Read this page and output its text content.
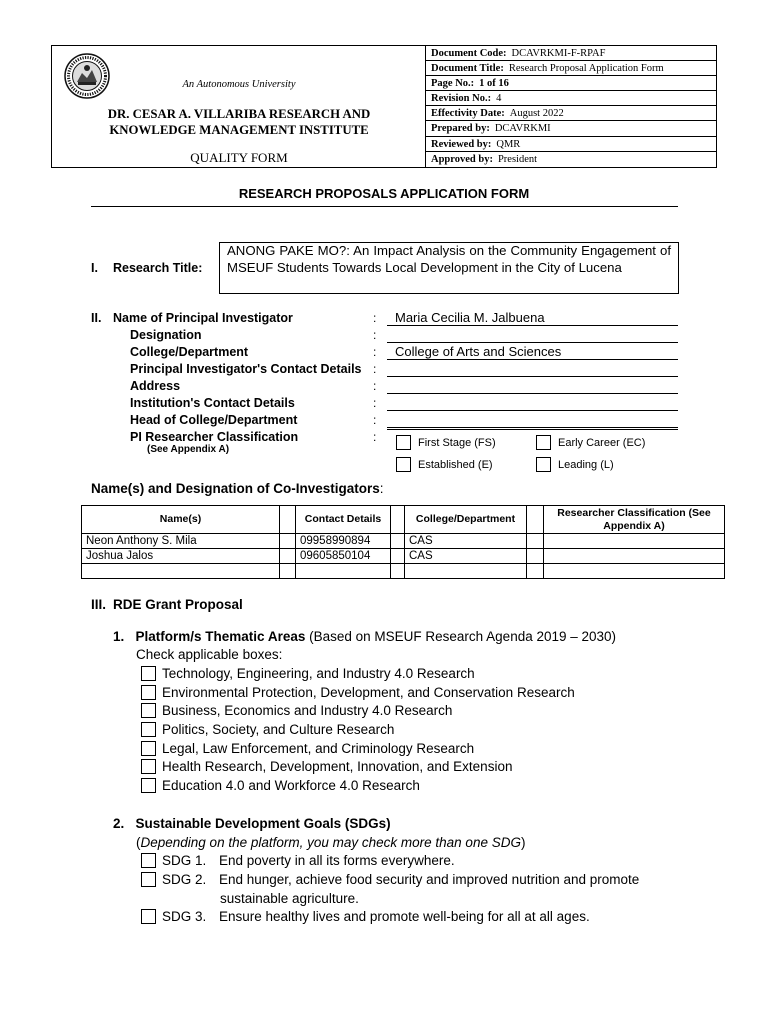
An Autonomous University
DR. CESAR A. VILLARIBA RESEARCH AND
KNOWLEDGE MANAGEMENT INSTITUTE
QUALITY FORM
Document Code: DCAVRKMI-F-RPAF
Document Title: Research Proposal Application Form
Page No.: 1 of 16
Revision No.: 4
Effectivity Date: August 2022
Prepared by: DCAVRKMI
Reviewed by: QMR
Approved by: President
RESEARCH PROPOSALS APPLICATION FORM
I. Research Title:
ANONG PAKE MO?: An Impact Analysis on the Community Engagement of MSEUF Students Towards Local Development in the City of Lucena
II. Name of Principal Investigator	:	Maria Cecilia M. Jalbuena
Designation	:
College/Department	:	College of Arts and Sciences
Principal Investigator's Contact Details :
Address	:
Institution's Contact Details	:
Head of College/Department	:
PI Researcher Classification	:
(See Appendix A)
First Stage (FS)	Early Career (EC)
Established (E)	Leading (L)
Name(s) and Designation of Co-Investigators:
Name(s)		Contact Details		College/Department		Researcher Classification (See Appendix A)
Neon Anthony S. Mila		09958990894		CAS		
Joshua Jalos		09605850104		CAS		

III. RDE Grant Proposal
1. Platform/s Thematic Areas (Based on MSEUF Research Agenda 2019 – 2030)
Check applicable boxes:
Technology, Engineering, and Industry 4.0 Research
Environmental Protection, Development, and Conservation Research
Business, Economics and Industry 4.0 Research
Politics, Society, and Culture Research
Legal, Law Enforcement, and Criminology Research
Health Research, Development, Innovation, and Extension
Education 4.0 and Workforce 4.0 Research
2. Sustainable Development Goals (SDGs)
(Depending on the platform, you may check more than one SDG)
SDG 1. End poverty in all its forms everywhere.
SDG 2. End hunger, achieve food security and improved nutrition and promote
sustainable agriculture.
SDG 3. Ensure healthy lives and promote well-being for all at all ages.
